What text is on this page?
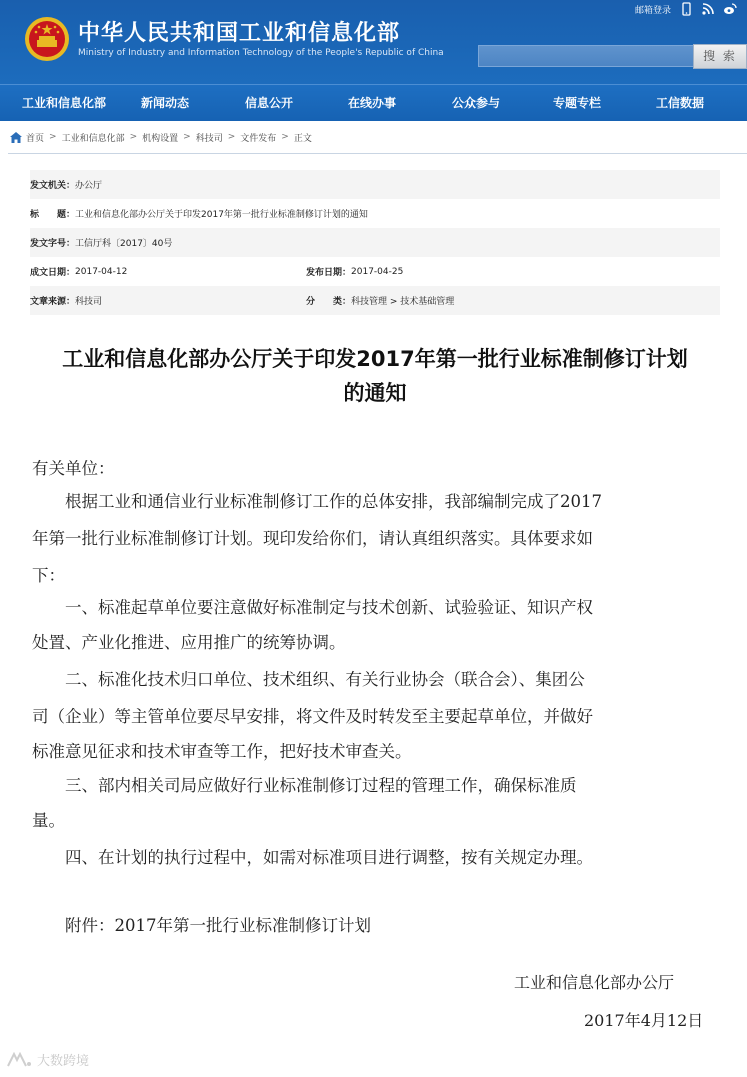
中华人民共和国工业和信息化部
Ministry of Industry and Information Technology of the People's Republic of China
邮箱登录
搜 索
工业和信息化部	新闻动态	信息公开	在线办事	公众参与	专题专栏	工信数据
首页 > 工业和信息化部 > 机构设置 > 科技司 > 文件发布 > 正文
发文机关： 办公厅
标　　题： 工业和信息化部办公厅关于印发2017年第一批行业标准制修订计划的通知
发文字号： 工信厅科〔2017〕40号
成文日期： 2017-04-12	发布日期： 2017-04-25
文章来源： 科技司	分　　类： 科技管理 > 技术基础管理
工业和信息化部办公厅关于印发2017年第一批行业标准制修订计划
的通知
有关单位：
　　根据工业和通信业行业标准制修订工作的总体安排，我部编制完成了2017
年第一批行业标准制修订计划。现印发给你们，请认真组织落实。具体要求如
下：
　　一、标准起草单位要注意做好标准制定与技术创新、试验验证、知识产权
处置、产业化推进、应用推广的统筹协调。
　　二、标准化技术归口单位、技术组织、有关行业协会（联合会）、集团公
司（企业）等主管单位要尽早安排，将文件及时转发至主要起草单位，并做好
标准意见征求和技术审查等工作，把好技术审查关。
　　三、部内相关司局应做好行业标准制修订过程的管理工作，确保标准质
量。
　　四、在计划的执行过程中，如需对标准项目进行调整，按有关规定办理。
　　附件：2017年第一批行业标准制修订计划
工业和信息化部办公厅
2017年4月12日
大数跨境
